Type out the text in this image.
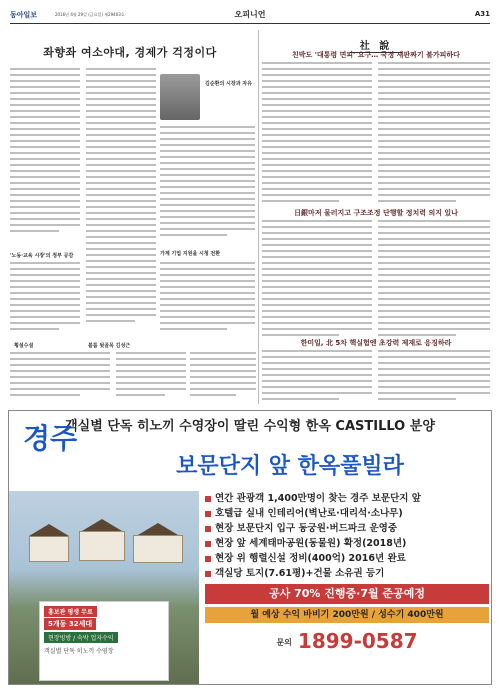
동아일보	2016년 4월 29일 (금요일) 제29403호	오피니언	A31
좌향좌 여소야대, 경제가 걱정이다
'노동·교육 시장'의 정부 공감
김순환의 시장과 자유
가계 기업 지원을 시청 전환
횡설수설	블룸 뒷골목 김성근
社 說
친박도 '대통령 면피' 요구… 국정 새판짜기 불가피하다
日銀마저 물러지고 구조조정 단행할 정치력 의지 있나
한미일, 北 5차 핵실험엔 초강력 제재로 응징하라
경주
객실별 단독 히노끼 수영장이 딸린 수익형 한옥 CASTILLO 분양
보문단지 앞 한옥풀빌라
홍보관 평생 무료
5개동 32세대
현장빙방 / 숙박 업자수익
객실별 단독 히노끼 수영장
연간 관광객 1,400만명이 찾는 경주 보문단지 앞
호텔급 실내 인테리어(벽난로·대리석·소나무)
현장 보문단지 입구 동궁원·버드파크 운영중
현장 앞 세계태마공원(동물원) 확정(2018년)
현장 위 행렬신설 정비(400억) 2016년 완료
객실당 토지(7.61평)+건물 소유권 등기
공사 70% 진행중·7월 준공예정
월 예상 수익 바비기 200만원 / 성수기 400만원
문의 1899-0587
